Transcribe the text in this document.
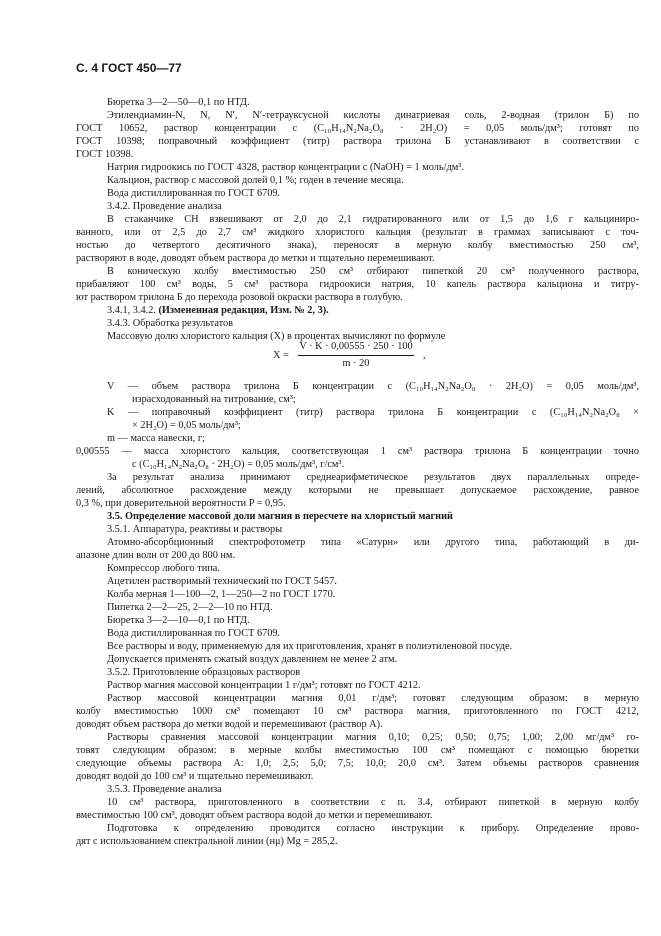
С. 4 ГОСТ 450—77
Бюретка 3—2—50—0,1 по НТД.
Этилендиамин-N, N, N′, N′-тетрауксусной кислоты динатриевая соль, 2-водная (трилон Б) по
ГОСТ 10652, раствор концентрации c (C₁₀H₁₄N₂Na₂O₈ · 2H₂O) = 0,05 моль/дм³; готовят по
ГОСТ 10398; поправочный коэффициент (титр) раствора трилона Б устанавливают в соответствии с
ГОСТ 10398.
Натрия гидроокись по ГОСТ 4328, раствор концентрации c (NaOH) = 1 моль/дм³.
Кальцион, раствор с массовой долей 0,1 %; годен в течение месяца.
Вода дистиллированная по ГОСТ 6709.
3.4.2. Проведение анализа
В стаканчике СН взвешивают от 2,0 до 2,1 гидратированного или от 1,5 до 1,6 г кальциниро-
ванного, или от 2,5 до 2,7 см³ жидкого хлористого кальция (результат в граммах записывают с точ-
ностью до четвертого десятичного знака), переносят в мерную колбу вместимостью 250 см³,
растворяют в воде, доводят объем раствора до метки и тщательно перемешивают.
В коническую колбу вместимостью 250 см³ отбирают пипеткой 20 см³ полученного раствора,
прибавляют 100 см³ воды, 5 см³ раствора гидроокиси натрия, 10 капель раствора кальциона и титру-
ют раствором трилона Б до перехода розовой окраски раствора в голубую.
3.4.1, 3.4.2. (Измененная редакция, Изм. № 2, 3).
3.4.3. Обработка результатов
Массовую долю хлористого кальция (X) в процентах вычисляют по формуле
V — объем раствора трилона Б концентрации c (C₁₀H₁₄N₂Na₂O₈ · 2H₂O) = 0,05 моль/дм³,
израсходованный на титрование, см³;
K — поправочный коэффициент (титр) раствора трилона Б концентрации c (C₁₀H₁₄N₂Na₂O₈ ×
× 2H₂O) = 0,05 моль/дм³;
m — масса навески, г;
0,00555 — масса хлористого кальция, соответствующая 1 см³ раствора трилона Б концентрации точно
c (C₁₀H₁₄N₂Na₂O₈ · 2H₂O) = 0,05 моль/дм³, г/см³.
За результат анализа принимают среднеарифметическое результатов двух параллельных опреде-
лений, абсолютное расхождение между которыми не превышает допускаемое расхождение, равное
0,3 %, при доверительной вероятности P = 0,95.
3.5. Определение массовой доли магния в пересчете на хлористый магний
3.5.1. Аппаратура, реактивы и растворы
Атомно-абсорбционный спектрофотометр типа «Сатурн» или другого типа, работающий в ди-
апазоне длин волн от 200 до 800 нм.
Компрессор любого типа.
Ацетилен растворимый технический по ГОСТ 5457.
Колба мерная 1—100—2, 1—250—2 по ГОСТ 1770.
Пипетка 2—2—25, 2—2—10 по НТД.
Бюретка 3—2—10—0,1 по НТД.
Вода дистиллированная по ГОСТ 6709.
Все растворы и воду, применяемую для их приготовления, хранят в полиэтиленовой посуде.
Допускается применять сжатый воздух давлением не менее 2 атм.
3.5.2. Приготовление образцовых растворов
Раствор магния массовой концентрации 1 г/дм³; готовят по ГОСТ 4212.
Раствор массовой концентрации магния 0,01 г/дм³; готовят следующим образом: в мерную
колбу вместимостью 1000 см³ помещают 10 см³ раствора магния, приготовленного по ГОСТ 4212,
доводят объем раствора до метки водой и перемешивают (раствор А).
Растворы сравнения массовой концентрации магния 0,10; 0,25; 0,50; 0,75; 1,00; 2,00 мг/дм³ го-
товят следующим образом: в мерные колбы вместимостью 100 см³ помещают с помощью бюретки
следующие объемы раствора А: 1,0; 2,5; 5,0; 7,5; 10,0; 20,0 см³. Затем объемы растворов сравнения
доводят водой до 100 см³ и тщательно перемешивают.
3.5.3. Проведение анализа
10 см³ раствора, приготовленного в соответствии с п. 3.4, отбирают пипеткой в мерную колбу
вместимостью 100 см³, доводят объем раствора водой до метки и перемешивают.
Подготовка к определению проводится согласно инструкции к прибору. Определение прово-
дят с использованием спектральной линии (нμ) Mg = 285,2.
X =
V · K · 0,00555 · 250 · 100
m · 20
,
